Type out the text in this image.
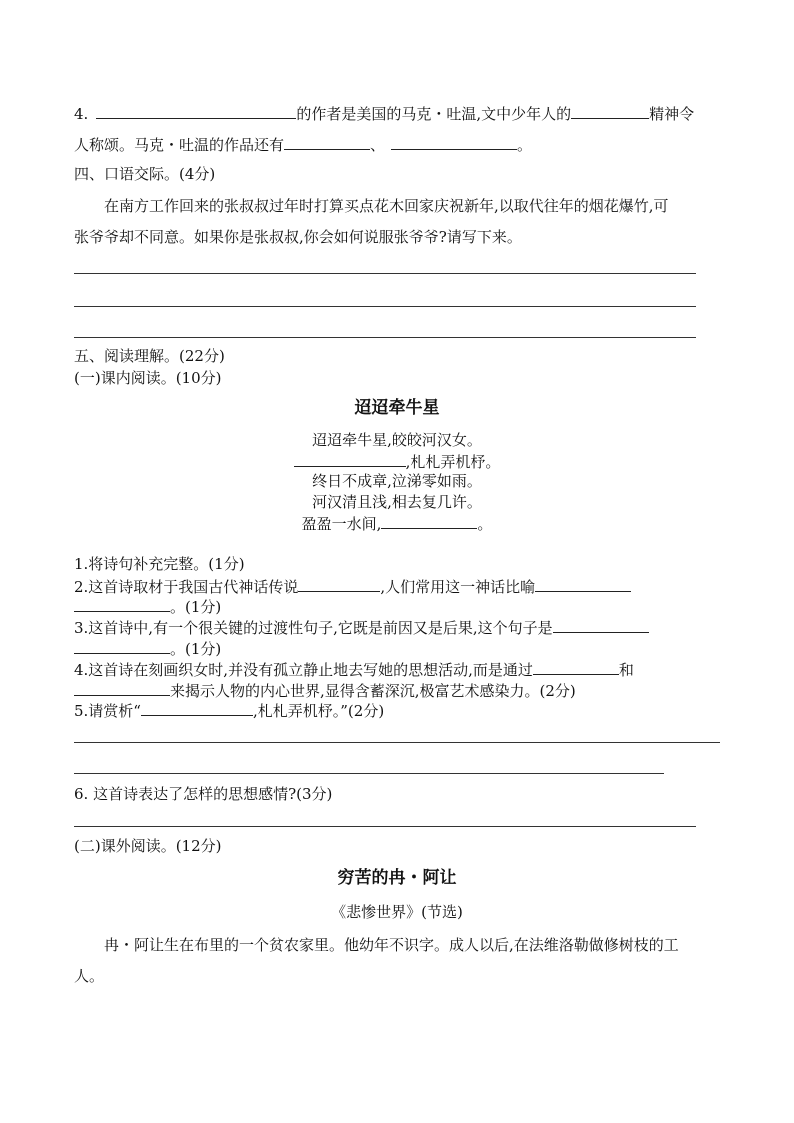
4.	的作者是美国的马克・吐温,文中少年人的	精神令
人称颂。马克・吐温的作品还有	、	。
四、口语交际。(4分)
在南方工作回来的张叔叔过年时打算买点花木回家庆祝新年,以取代往年的烟花爆竹,可
张爷爷却不同意。如果你是张叔叔,你会如何说服张爷爷?请写下来。
五、阅读理解。(22分)
(一)课内阅读。(10分)
迢迢牵牛星
迢迢牵牛星,皎皎河汉女。
,札札弄机杼。
终日不成章,泣涕零如雨。
河汉清且浅,相去复几许。
盈盈一水间,	。
1.将诗句补充完整。(1分)
2.这首诗取材于我国古代神话传说	,人们常用这一神话比喻
。(1分)
3.这首诗中,有一个很关键的过渡性句子,它既是前因又是后果,这个句子是
。(1分)
4.这首诗在刻画织女时,并没有孤立静止地去写她的思想活动,而是通过	和
来揭示人物的内心世界,显得含蓄深沉,极富艺术感染力。(2分)
5.请赏析“	,札札弄机杼。”(2分)
6. 这首诗表达了怎样的思想感情?(3分)
(二)课外阅读。(12分)
穷苦的冉・阿让
《悲惨世界》(节选)
冉・阿让生在布里的一个贫农家里。他幼年不识字。成人以后,在法维洛勒做修树枝的工
人。
